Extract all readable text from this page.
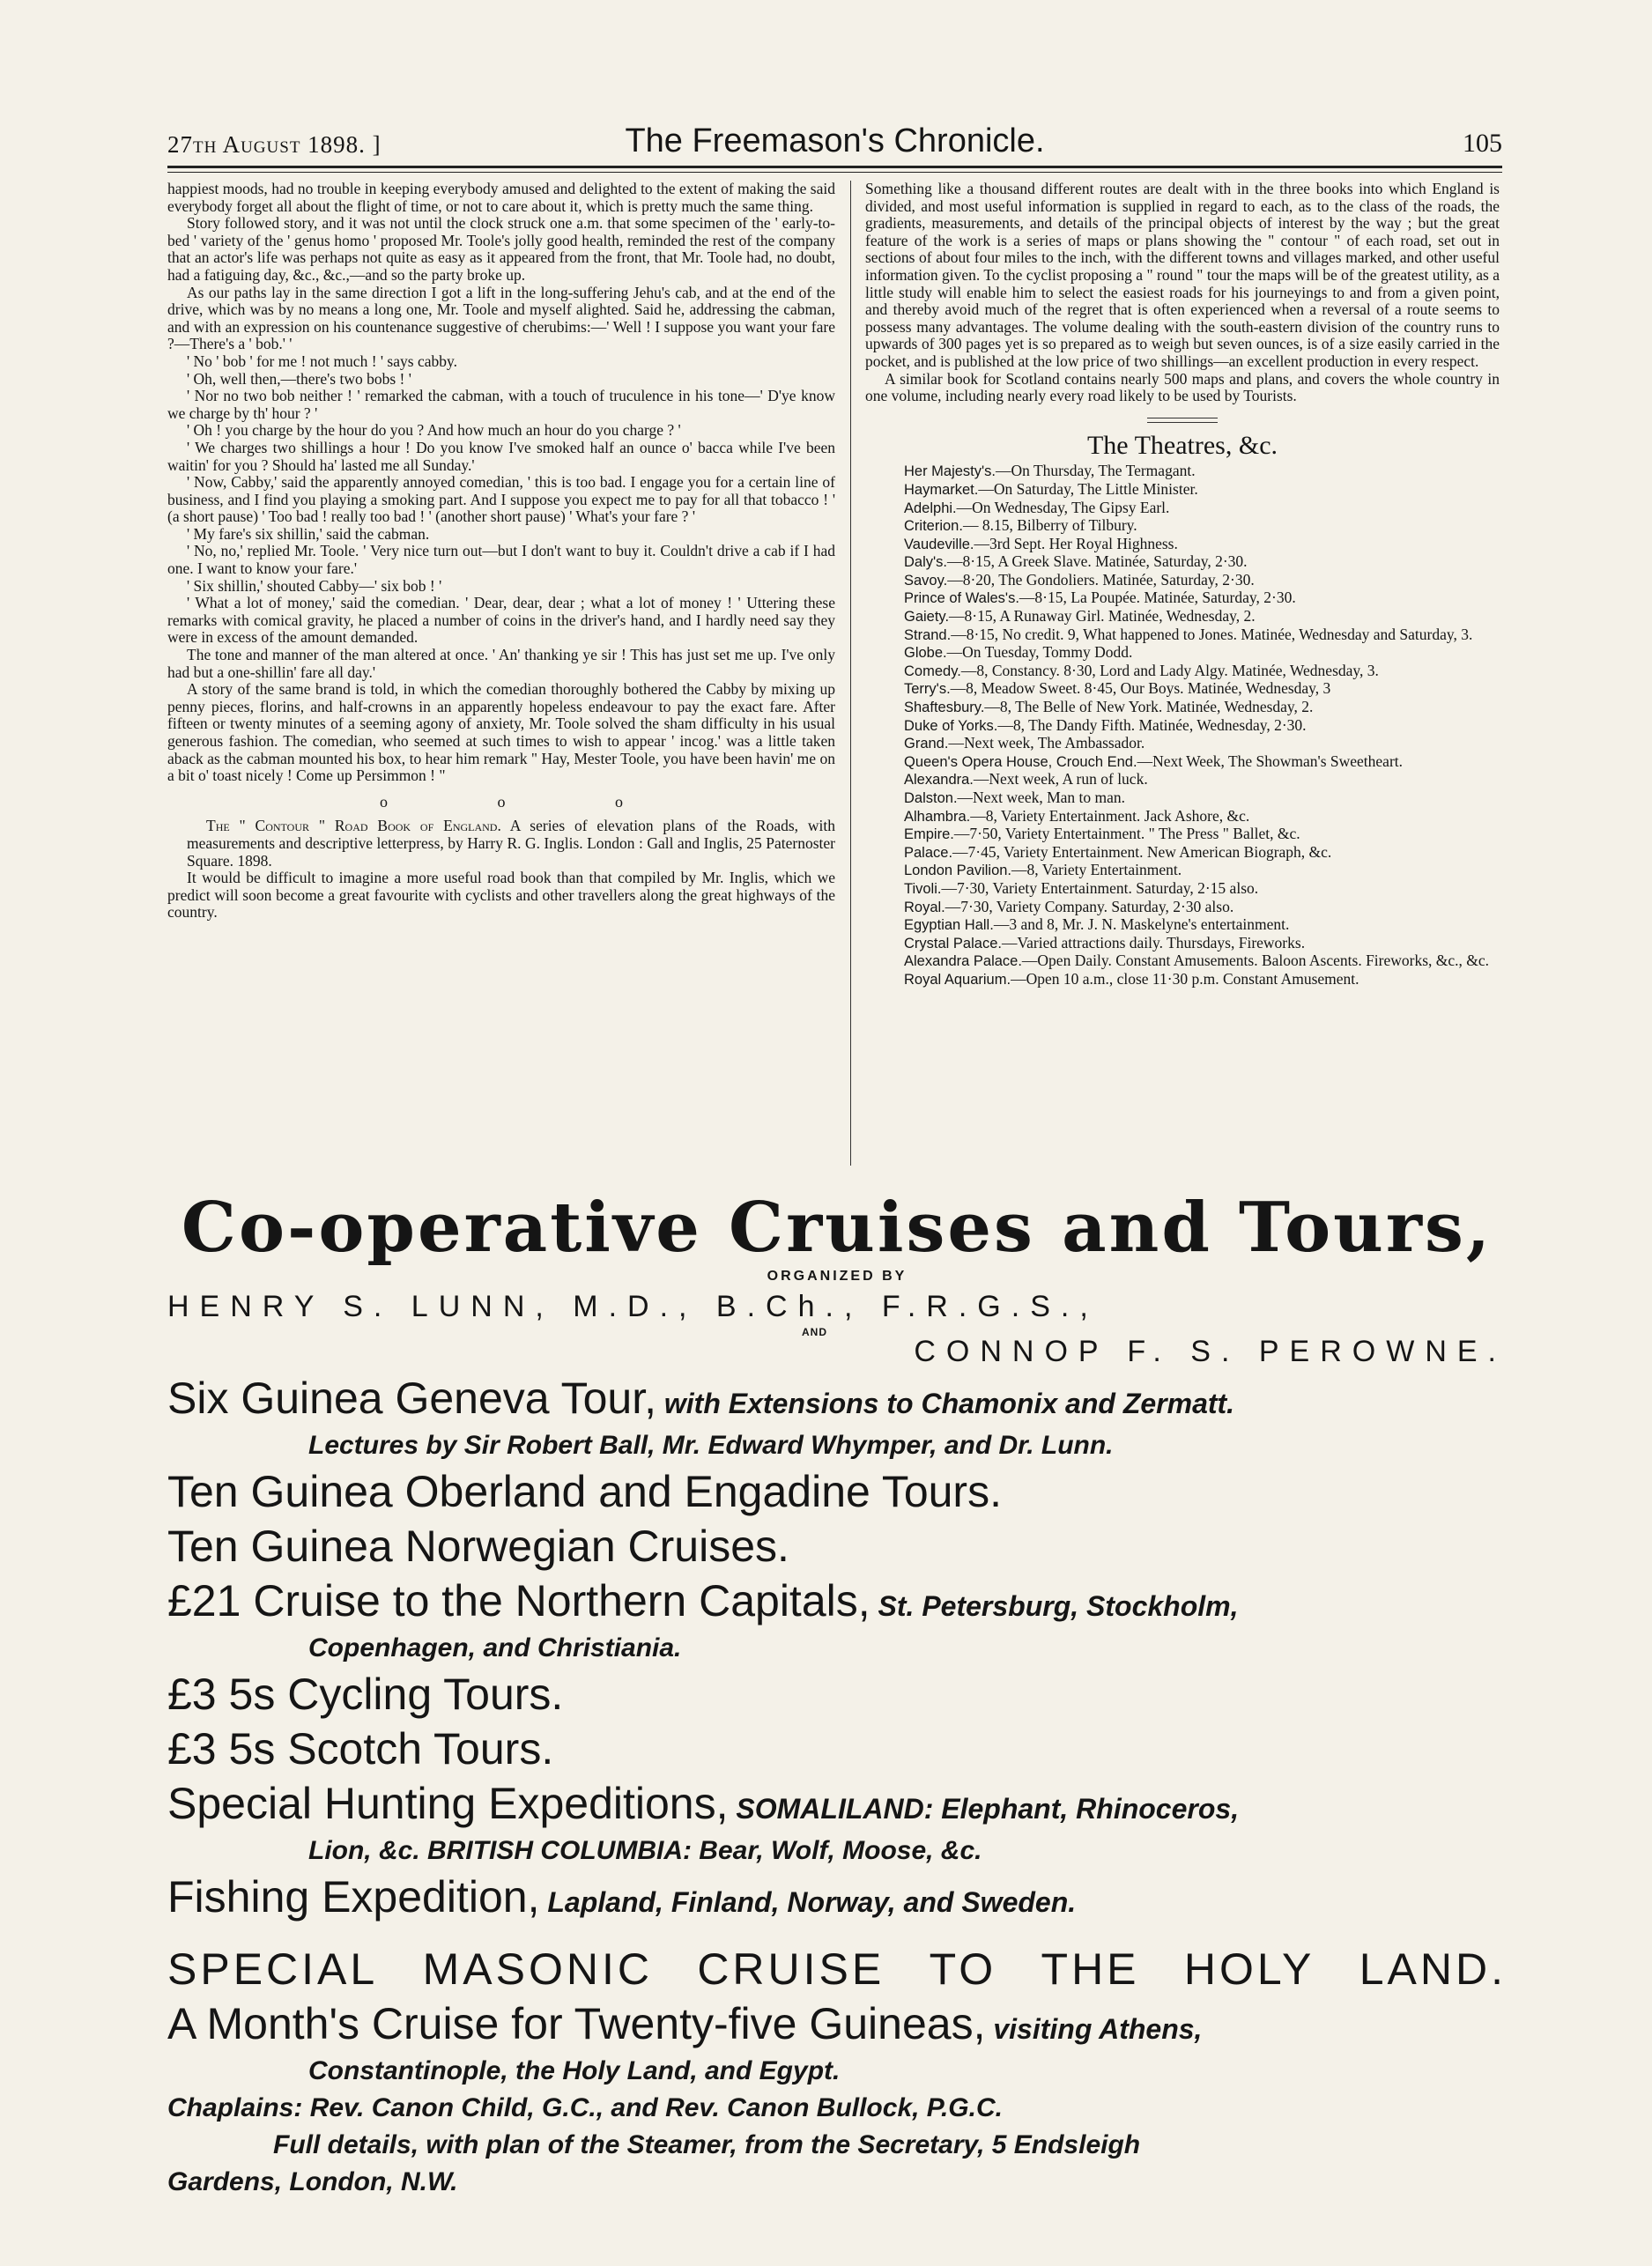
27th August 1898. ]	The Freemason's Chronicle.	105

happiest moods, had no trouble in keeping everybody amused and delighted to the extent of making the said everybody forget all about the flight of time, or not to care about it, which is pretty much the same thing.

Story followed story, and it was not until the clock struck one a.m. that some specimen of the ' early-to-bed ' variety of the ' genus homo ' proposed Mr. Toole's jolly good health, reminded the rest of the company that an actor's life was perhaps not quite as easy as it appeared from the front, that Mr. Toole had, no doubt, had a fatiguing day, &c., &c.,—and so the party broke up.

As our paths lay in the same direction I got a lift in the long-suffering Jehu's cab, and at the end of the drive, which was by no means a long one, Mr. Toole and myself alighted. Said he, addressing the cabman, and with an expression on his countenance suggestive of cherubims:—' Well ! I suppose you want your fare ?—There's a ' bob.' '

' No ' bob ' for me ! not much ! ' says cabby.

' Oh, well then,—there's two bobs ! '

' Nor no two bob neither ! ' remarked the cabman, with a touch of truculence in his tone—' D'ye know we charge by th' hour ? '

' Oh ! you charge by the hour do you ? And how much an hour do you charge ? '

' We charges two shillings a hour ! Do you know I've smoked half an ounce o' bacca while I've been waitin' for you ? Should ha' lasted me all Sunday.'

' Now, Cabby,' said the apparently annoyed comedian, ' this is too bad. I engage you for a certain line of business, and I find you playing a smoking part. And I suppose you expect me to pay for all that tobacco ! ' (a short pause) ' Too bad ! really too bad ! ' (another short pause) ' What's your fare ? '

' My fare's six shillin,' said the cabman.

' No, no,' replied Mr. Toole. ' Very nice turn out—but I don't want to buy it. Couldn't drive a cab if I had one. I want to know your fare.'

' Six shillin,' shouted Cabby—' six bob ! '

' What a lot of money,' said the comedian. ' Dear, dear, dear ; what a lot of money ! ' Uttering these remarks with comical gravity, he placed a number of coins in the driver's hand, and I hardly need say they were in excess of the amount demanded.

The tone and manner of the man altered at once. ' An' thanking ye sir ! This has just set me up. I've only had but a one-shillin' fare all day.'

A story of the same brand is told, in which the comedian thoroughly bothered the Cabby by mixing up penny pieces, florins, and half-crowns in an apparently hopeless endeavour to pay the exact fare. After fifteen or twenty minutes of a seeming agony of anxiety, Mr. Toole solved the sham difficulty in his usual generous fashion. The comedian, who seemed at such times to wish to appear ' incog.' was a little taken aback as the cabman mounted his box, to hear him remark " Hay, Mester Toole, you have been havin' me on a bit o' toast nicely ! Come up Persimmon ! "

o o o

The " Contour " Road Book of England. A series of elevation plans of the Roads, with measurements and descriptive letterpress, by Harry R. G. Inglis. London : Gall and Inglis, 25 Paternoster Square. 1898.

It would be difficult to imagine a more useful road book than that compiled by Mr. Inglis, which we predict will soon become a great favourite with cyclists and other travellers along the great highways of the country.

Something like a thousand different routes are dealt with in the three books into which England is divided, and most useful information is supplied in regard to each, as to the class of the roads, the gradients, measurements, and details of the principal objects of interest by the way ; but the great feature of the work is a series of maps or plans showing the " contour " of each road, set out in sections of about four miles to the inch, with the different towns and villages marked, and other useful information given. To the cyclist proposing a " round " tour the maps will be of the greatest utility, as a little study will enable him to select the easiest roads for his journeyings to and from a given point, and thereby avoid much of the regret that is often experienced when a reversal of a route seems to possess many advantages. The volume dealing with the south-eastern division of the country runs to upwards of 300 pages yet is so prepared as to weigh but seven ounces, is of a size easily carried in the pocket, and is published at the low price of two shillings—an excellent production in every respect.

A similar book for Scotland contains nearly 500 maps and plans, and covers the whole country in one volume, including nearly every road likely to be used by Tourists.

The Theatres, &c.

Her Majesty's.—On Thursday, The Termagant.

Haymarket.—On Saturday, The Little Minister.

Adelphi.—On Wednesday, The Gipsy Earl.

Criterion.— 8.15, Bilberry of Tilbury.

Vaudeville.—3rd Sept. Her Royal Highness.

Daly's.—8·15, A Greek Slave. Matinée, Saturday, 2·30.

Savoy.—8·20, The Gondoliers. Matinée, Saturday, 2·30.

Prince of Wales's.—8·15, La Poupée. Matinée, Saturday, 2·30.

Gaiety.—8·15, A Runaway Girl. Matinée, Wednesday, 2.

Strand.—8·15, No credit. 9, What happened to Jones. Matinée, Wednesday and Saturday, 3.

Globe.—On Tuesday, Tommy Dodd.

Comedy.—8, Constancy. 8·30, Lord and Lady Algy. Matinée, Wednesday, 3.

Terry's.—8, Meadow Sweet. 8·45, Our Boys. Matinée, Wednesday, 3

Shaftesbury.—8, The Belle of New York. Matinée, Wednesday, 2.

Duke of Yorks.—8, The Dandy Fifth. Matinée, Wednesday, 2·30.

Grand.—Next week, The Ambassador.

Queen's Opera House, Crouch End.—Next Week, The Showman's Sweetheart.

Alexandra.—Next week, A run of luck.

Dalston.—Next week, Man to man.

Alhambra.—8, Variety Entertainment. Jack Ashore, &c.

Empire.—7·50, Variety Entertainment. " The Press " Ballet, &c.

Palace.—7·45, Variety Entertainment. New American Biograph, &c.

London Pavilion.—8, Variety Entertainment.

Tivoli.—7·30, Variety Entertainment. Saturday, 2·15 also.

Royal.—7·30, Variety Company. Saturday, 2·30 also.

Egyptian Hall.—3 and 8, Mr. J. N. Maskelyne's entertainment.

Crystal Palace.—Varied attractions daily. Thursdays, Fireworks.

Alexandra Palace.—Open Daily. Constant Amusements. Baloon Ascents. Fireworks, &c., &c.

Royal Aquarium.—Open 10 a.m., close 11·30 p.m. Constant Amusement.

Co-operative Cruises and Tours,
ORGANIZED BY
HENRY S. LUNN, M.D., B.Ch., F.R.G.S.,
AND
CONNOP F. S. PEROWNE.
Six Guinea Geneva Tour, with Extensions to Chamonix and Zermatt.
Lectures by Sir Robert Ball, Mr. Edward Whymper, and Dr. Lunn.
Ten Guinea Oberland and Engadine Tours.
Ten Guinea Norwegian Cruises.
£21 Cruise to the Northern Capitals, St. Petersburg, Stockholm,
Copenhagen, and Christiania.
£3 5s Cycling Tours.
£3 5s Scotch Tours.
Special Hunting Expeditions, SOMALILAND: Elephant, Rhinoceros,
Lion, &c. BRITISH COLUMBIA: Bear, Wolf, Moose, &c.
Fishing Expedition, Lapland, Finland, Norway, and Sweden.
SPECIAL MASONIC CRUISE TO THE HOLY LAND.
A Month's Cruise for Twenty-five Guineas, visiting Athens,
Constantinople, the Holy Land, and Egypt.
Chaplains: Rev. Canon Child, G.C., and Rev. Canon Bullock, P.G.C.
Full details, with plan of the Steamer, from the Secretary, 5 Endsleigh
Gardens, London, N.W.
